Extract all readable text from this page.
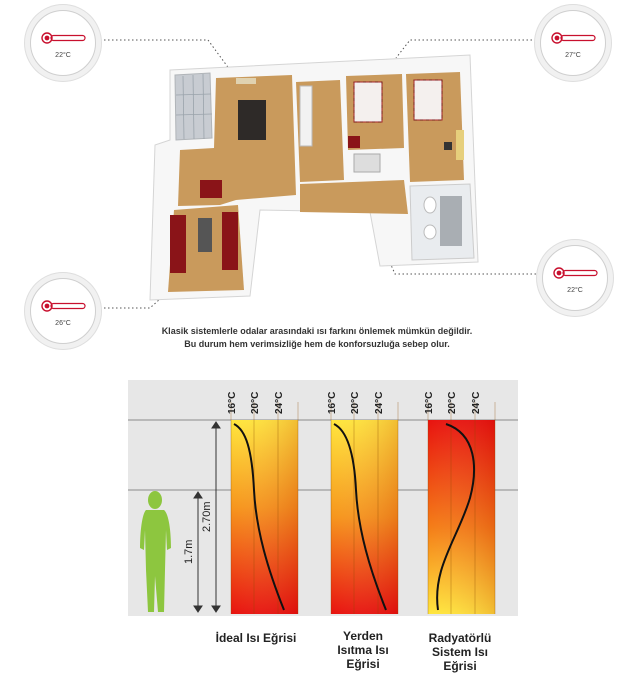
22°C	27°C
26°C
22°C
Klasik sistemlerle odalar arasındaki ısı farkını önlemek mümkün değildir.
Bu durum hem verimsizliğe hem de konforsuzluğa sebep olur.
16°C 20°C 24°C	16°C 20°C 24°C	16°C 20°C 24°C
2.70m
1.7m
İdeal Isı Eğrisi	Yerden
Isıtma Isı
Eğrisi
Radyatörlü
Sistem Isı
Eğrisi
